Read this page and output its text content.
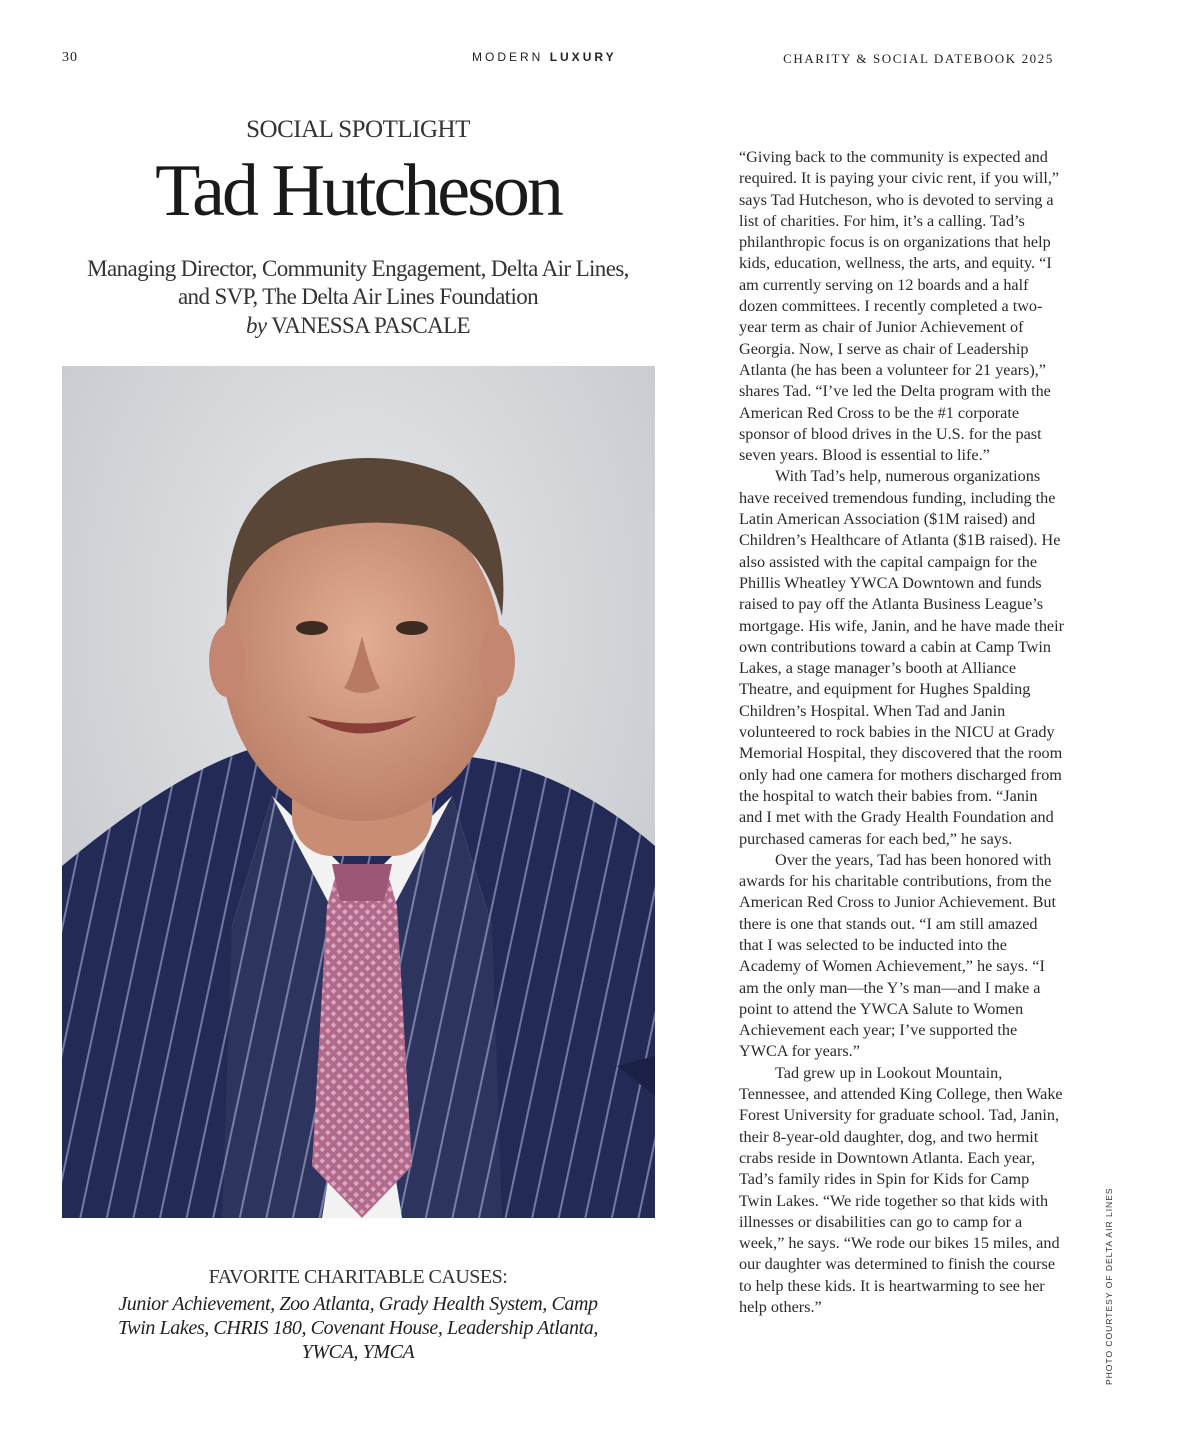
30	MODERN LUXURY	CHARITY & SOCIAL DATEBOOK 2025
SOCIAL SPOTLIGHT
Tad Hutcheson
Managing Director, Community Engagement, Delta Air Lines, and SVP, The Delta Air Lines Foundation
by VANESSA PASCALE
FAVORITE CHARITABLE CAUSES:
Junior Achievement, Zoo Atlanta, Grady Health System, Camp Twin Lakes, CHRIS 180, Covenant House, Leadership Atlanta, YWCA, YMCA

“Giving back to the community is expected and required. It is paying your civic rent, if you will,” says Tad Hutcheson, who is devoted to serving a list of charities. For him, it’s a calling. Tad’s philanthropic focus is on organizations that help kids, education, wellness, the arts, and equity. “I am currently serving on 12 boards and a half dozen committees. I recently completed a two-year term as chair of Junior Achievement of Georgia. Now, I serve as chair of Leadership Atlanta (he has been a volunteer for 21 years),” shares Tad. “I’ve led the Delta program with the American Red Cross to be the #1 corporate sponsor of blood drives in the U.S. for the past seven years. Blood is essential to life.”

With Tad’s help, numerous organizations have received tremendous funding, including the Latin American Association ($1M raised) and Children’s Healthcare of Atlanta ($1B raised). He also assisted with the capital campaign for the Phillis Wheatley YWCA Downtown and funds raised to pay off the Atlanta Business League’s mortgage. His wife, Janin, and he have made their own contributions toward a cabin at Camp Twin Lakes, a stage manager’s booth at Alliance Theatre, and equipment for Hughes Spalding Children’s Hospital. When Tad and Janin volunteered to rock babies in the NICU at Grady Memorial Hospital, they discovered that the room only had one camera for mothers discharged from the hospital to watch their babies from. “Janin and I met with the Grady Health Foundation and purchased cameras for each bed,” he says.

Over the years, Tad has been honored with awards for his charitable contributions, from the American Red Cross to Junior Achievement. But there is one that stands out. “I am still amazed that I was selected to be inducted into the Academy of Women Achievement,” he says. “I am the only man—the Y’s man—and I make a point to attend the YWCA Salute to Women Achievement each year; I’ve supported the YWCA for years.”

Tad grew up in Lookout Mountain, Tennessee, and attended King College, then Wake Forest University for graduate school. Tad, Janin, their 8-year-old daughter, dog, and two hermit crabs reside in Downtown Atlanta. Each year, Tad’s family rides in Spin for Kids for Camp Twin Lakes. “We ride together so that kids with illnesses or disabilities can go to camp for a week,” he says. “We rode our bikes 15 miles, and our daughter was determined to finish the course to help these kids. It is heartwarming to see her help others.”	PHOTO COURTESY OF DELTA AIR LINES
